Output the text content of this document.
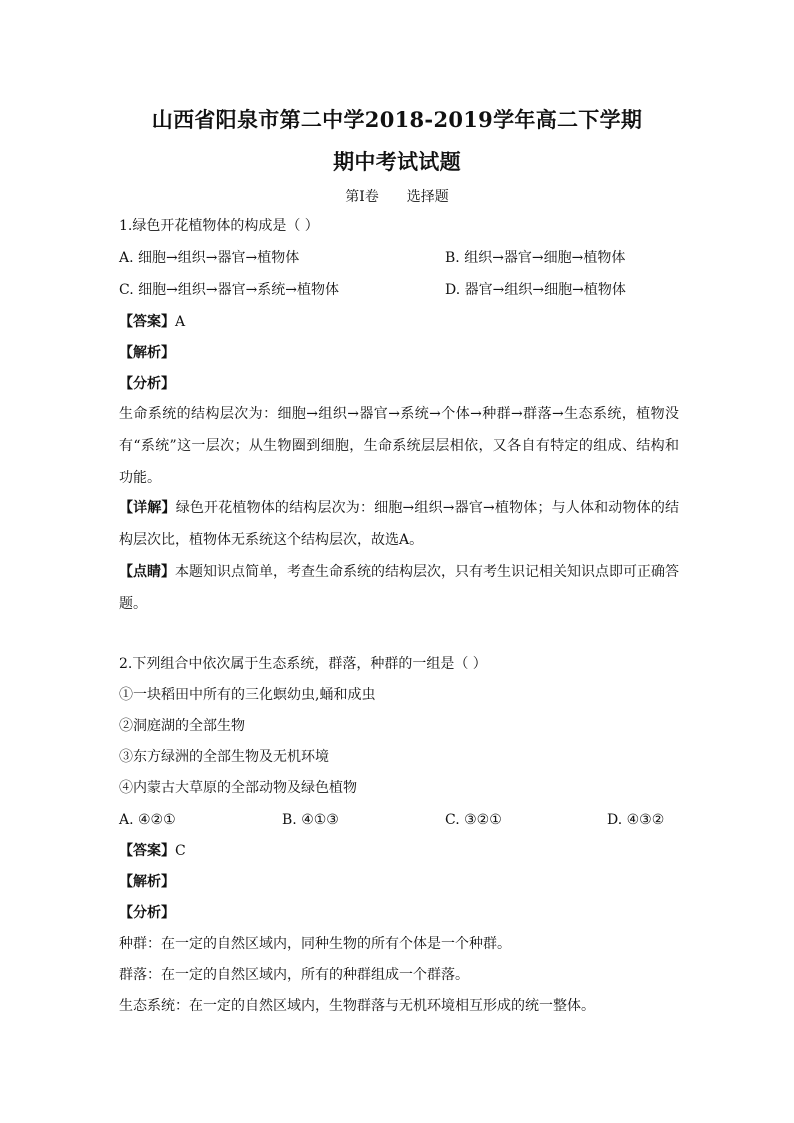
山西省阳泉市第二中学2018-2019学年高二下学期
期中考试试题
第Ⅰ卷 选择题
1.绿色开花植物体的构成是（ ）
A. 细胞→组织→器官→植物体	B. 组织→器官→细胞→植物体
C. 细胞→组织→器官→系统→植物体	D. 器官→组织→细胞→植物体
【答案】A
【解析】
【分析】
生命系统的结构层次为：细胞→组织→器官→系统→个体→种群→群落→生态系统，植物没有“系统”这一层次；从生物圈到细胞，生命系统层层相依，又各自有特定的组成、结构和功能。
【详解】绿色开花植物体的结构层次为：细胞→组织→器官→植物体；与人体和动物体的结构层次比，植物体无系统这个结构层次，故选A。
【点睛】本题知识点简单，考查生命系统的结构层次，只有考生识记相关知识点即可正确答题。
2.下列组合中依次属于生态系统，群落，种群的一组是（ ）
①一块稻田中所有的三化螟幼虫,蛹和成虫
②洞庭湖的全部生物
③东方绿洲的全部生物及无机环境
④内蒙古大草原的全部动物及绿色植物
A. ④②①	B. ④①③	C. ③②①	D. ④③②
【答案】C
【解析】
【分析】
种群：在一定的自然区域内，同种生物的所有个体是一个种群。
群落：在一定的自然区域内，所有的种群组成一个群落。
生态系统：在一定的自然区域内，生物群落与无机环境相互形成的统一整体。
